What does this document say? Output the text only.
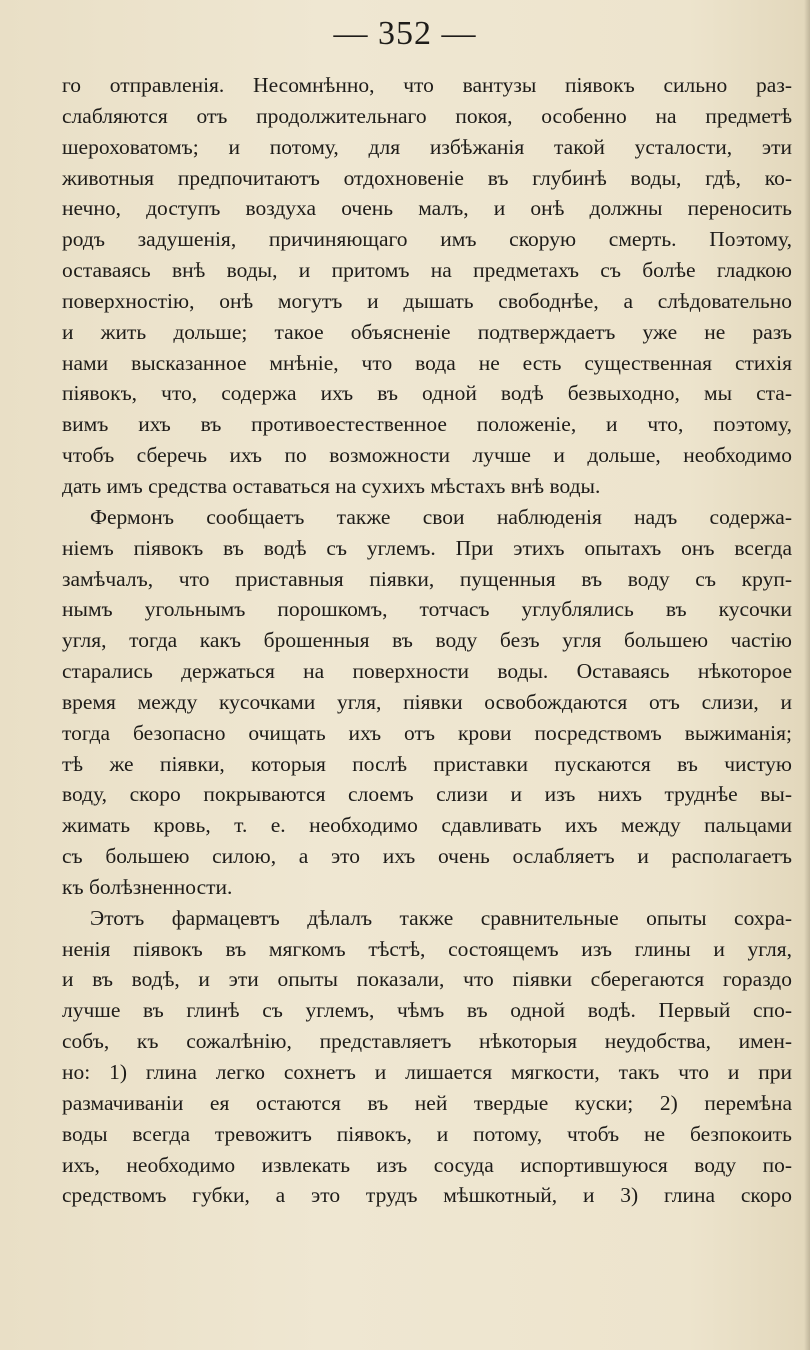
— 352 —
го отправленія. Несомнѣнно, что вантузы піявокъ сильно раз-
слабляются отъ продолжительнаго покоя, особенно на предметѣ
шероховатомъ; и потому, для избѣжанія такой усталости, эти
животныя предпочитаютъ отдохновеніе въ глубинѣ воды, гдѣ, ко-
нечно, доступъ воздуха очень малъ, и онѣ должны переносить
родъ задушенія, причиняющаго имъ скорую смерть. Поэтому,
оставаясь внѣ воды, и притомъ на предметахъ съ болѣе гладкою
поверхностію, онѣ могутъ и дышать свободнѣе, а слѣдовательно
и жить дольше; такое объясненіе подтверждаетъ уже не разъ
нами высказанное мнѣніе, что вода не есть существенная стихія
піявокъ, что, содержа ихъ въ одной водѣ безвыходно, мы ста-
вимъ ихъ въ противоестественное положеніе, и что, поэтому,
чтобъ сберечь ихъ по возможности лучше и дольше, необходимо
дать имъ средства оставаться на сухихъ мѣстахъ внѣ воды.
Фермонъ сообщаетъ также свои наблюденія надъ содержа-
ніемъ піявокъ въ водѣ съ углемъ. При этихъ опытахъ онъ всегда
замѣчалъ, что приставныя піявки, пущенныя въ воду съ круп-
нымъ угольнымъ порошкомъ, тотчасъ углублялись въ кусочки
угля, тогда какъ брошенныя въ воду безъ угля большею частію
старались держаться на поверхности воды. Оставаясь нѣкоторое
время между кусочками угля, піявки освобождаются отъ слизи, и
тогда безопасно очищать ихъ отъ крови посредствомъ выжиманія;
тѣ же піявки, которыя послѣ приставки пускаются въ чистую
воду, скоро покрываются слоемъ слизи и изъ нихъ труднѣе вы-
жимать кровь, т. е. необходимо сдавливать ихъ между пальцами
съ большею силою, а это ихъ очень ослабляетъ и располагаетъ
къ болѣзненности.
Этотъ фармацевтъ дѣлалъ также сравнительные опыты сохра-
ненія піявокъ въ мягкомъ тѣстѣ, состоящемъ изъ глины и угля,
и въ водѣ, и эти опыты показали, что піявки сберегаются гораздо
лучше въ глинѣ съ углемъ, чѣмъ въ одной водѣ. Первый спо-
собъ, къ сожалѣнію, представляетъ нѣкоторыя неудобства, имен-
но: 1) глина легко сохнетъ и лишается мягкости, такъ что и при
размачиваніи ея остаются въ ней твердые куски; 2) перемѣна
воды всегда тревожитъ піявокъ, и потому, чтобъ не безпокоить
ихъ, необходимо извлекать изъ сосуда испортившуюся воду по-
средствомъ губки, а это трудъ мѣшкотный, и 3) глина скоро
